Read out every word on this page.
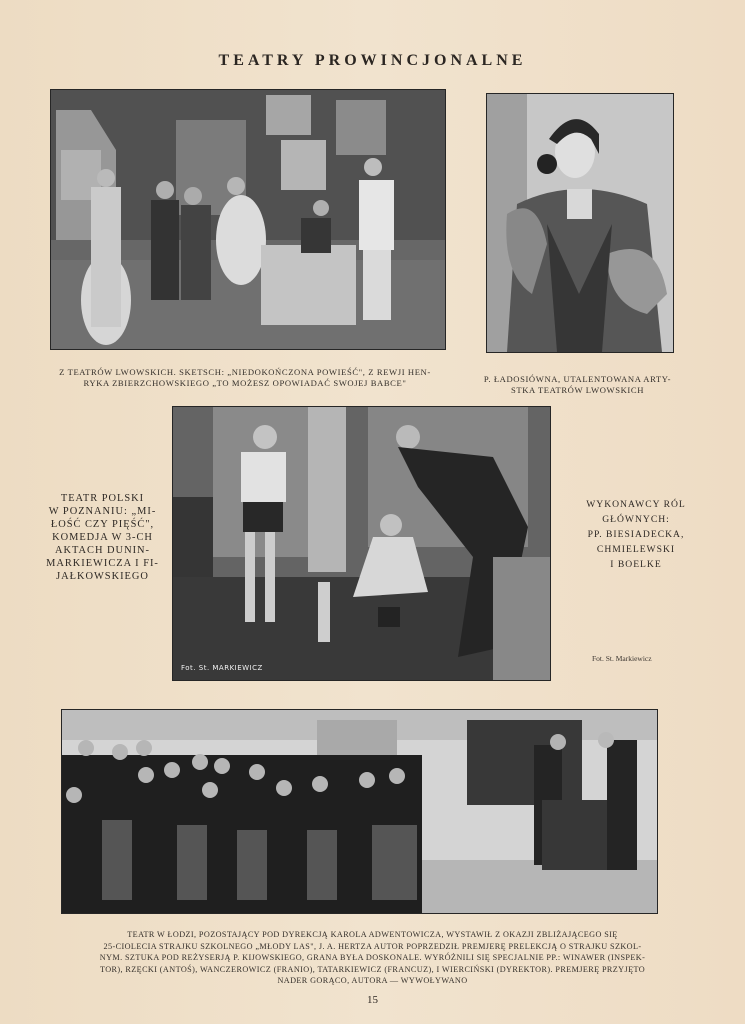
TEATRY PROWINCJONALNE
Z TEATRÓW LWOWSKICH. SKETSCH: „NIEDOKOŃCZONA POWIEŚĆ", Z REWJI HEN-
RYKA ZBIERZCHOWSKIEGO „TO MOŻESZ OPOWIADAĆ SWOJEJ BABCE"	P. ŁADOSIÓWNA, UTALENTOWANA ARTY-
STKA TEATRÓW LWOWSKICH
TEATR POLSKI
W POZNANIU: „MI-
ŁOŚĆ CZY PIĘŚĆ",
KOMEDJA W 3-CH
AKTACH DUNIN-
MARKIEWICZA I FI-
JAŁKOWSKIEGO
Fot. St. MARKIEWICZ
WYKONAWCY RÓL
GŁÓWNYCH:
PP. BIESIADECKA,
CHMIELEWSKI
I BOELKE
Fot. St. Markiewicz
TEATR W ŁODZI, POZOSTAJĄCY POD DYREKCJĄ KAROLA ADWENTOWICZA, WYSTAWIŁ Z OKAZJI ZBLIŻAJĄCEGO SIĘ
25-CIOLECIA STRAJKU SZKOLNEGO „MŁODY LAS", J. A. HERTZA AUTOR POPRZEDZIŁ PREMJERĘ PRELEKCJĄ O STRAJKU SZKOL-
NYM. SZTUKA POD REŻYSERJĄ P. KIJOWSKIEGO, GRANA BYŁA DOSKONALE. WYRÓŻNILI SIĘ SPECJALNIE PP.: WINAWER (INSPEK-
TOR), RZĘCKI (ANTOŚ), WANCZEROWICZ (FRANIO), TATARKIEWICZ (FRANCUZ), I WIERCIŃSKI (DYREKTOR). PREMJERĘ PRZYJĘTO
NADER GORĄCO, AUTORA — WYWOŁYWANO
15
